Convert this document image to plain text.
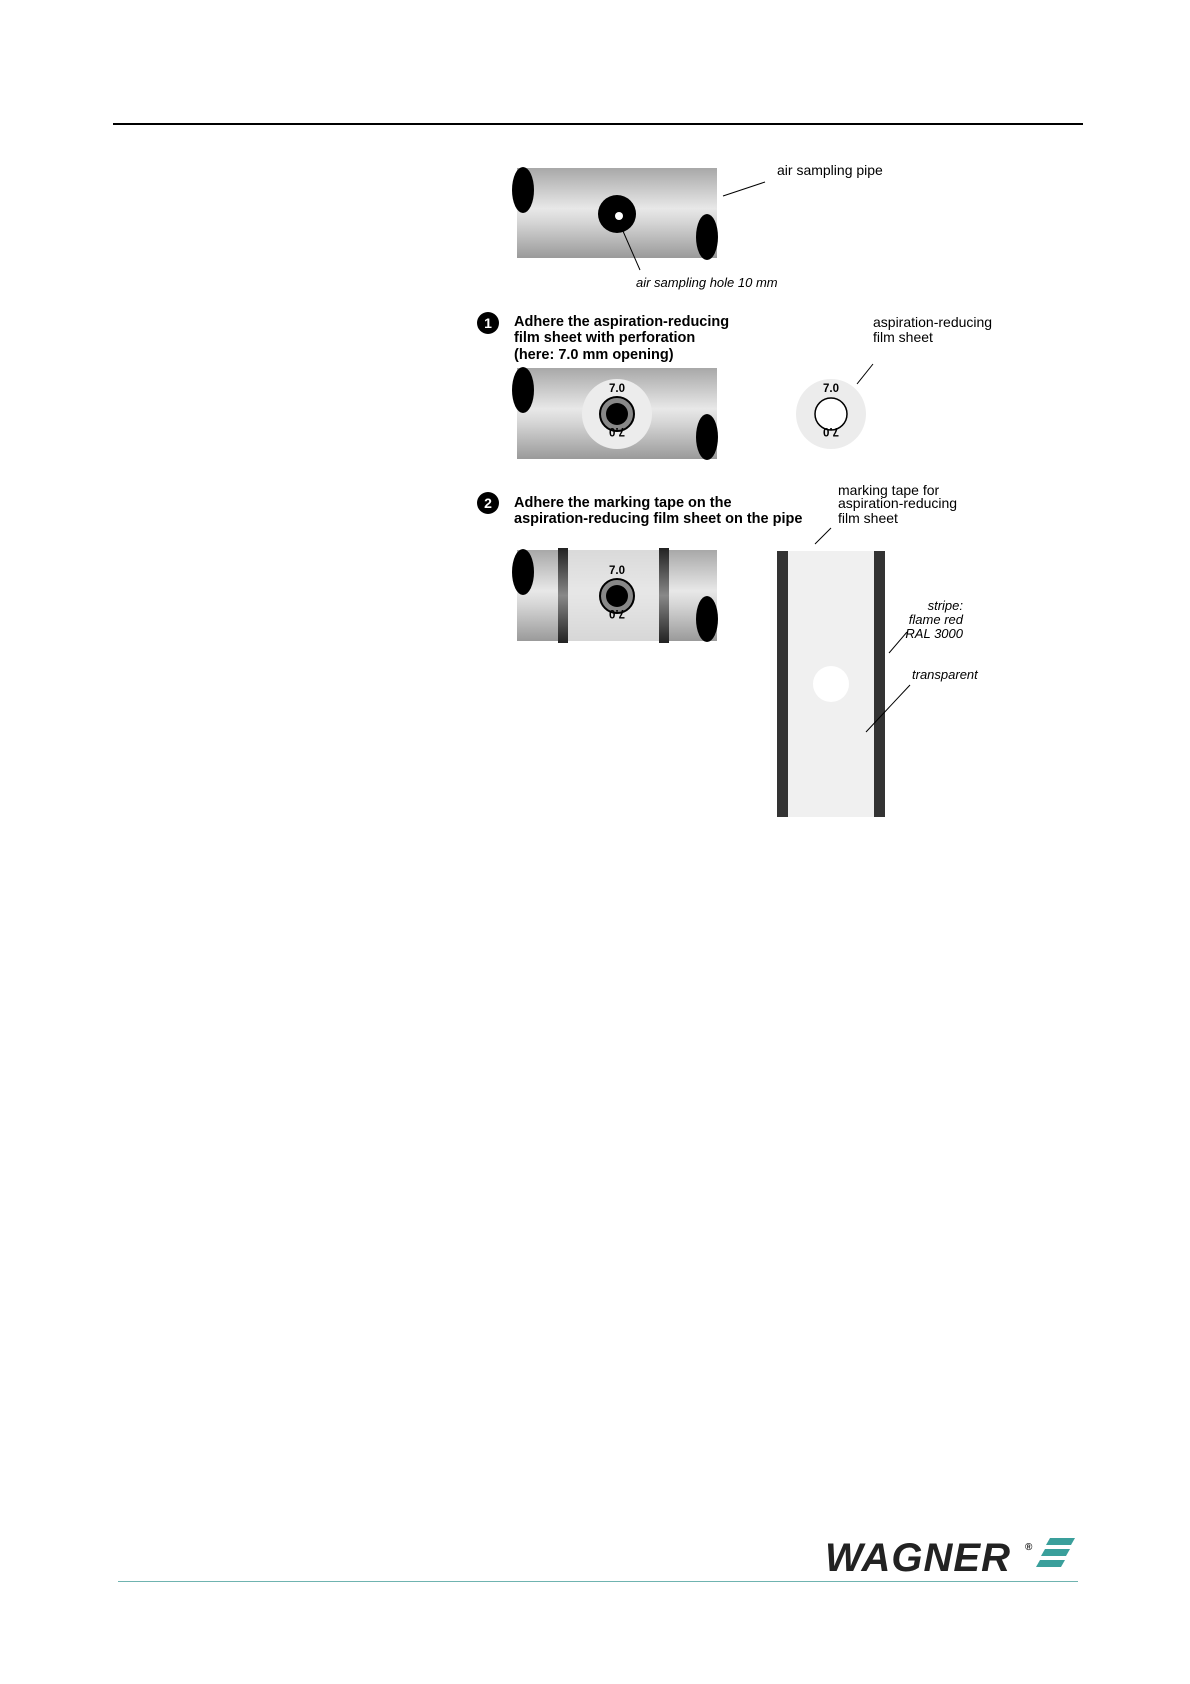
air sampling pipe
air sampling hole 10 mm
1 Adhere the aspiration-reducing
film sheet with perforation
(here: 7.0 mm opening)
7.0
7.0
7.0
7.0
aspiration-reducing
film sheet
2 Adhere the marking tape on the
aspiration-reducing film sheet on the pipe
7.0
7.0
marking tape for
aspiration-reducing
film sheet
stripe:
flame red
RAL 3000
transparent
WAGNER ®
